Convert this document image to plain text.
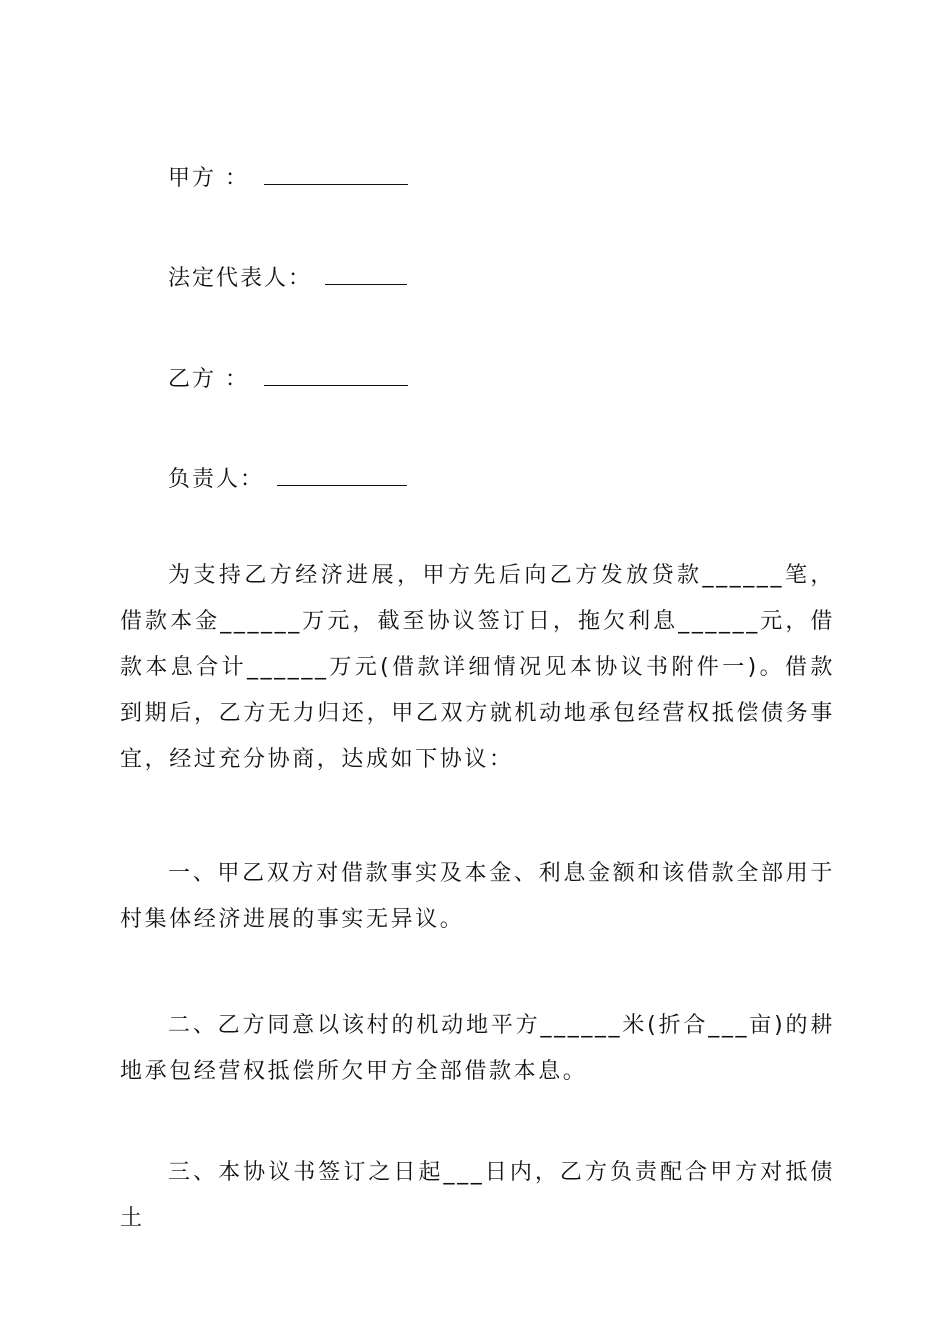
甲方 ：
法定代表人：
乙方 ：
负责人：

为支持乙方经济进展，甲方先后向乙方发放贷款______笔，借款本金______万元，截至协议签订日，拖欠利息______元，借款本息合计______万元(借款详细情况见本协议书附件一)。借款到期后，乙方无力归还，甲乙双方就机动地承包经营权抵偿债务事宜，经过充分协商，达成如下协议：

一、甲乙双方对借款事实及本金、利息金额和该借款全部用于村集体经济进展的事实无异议。

二、乙方同意以该村的机动地平方______米(折合___亩)的耕地承包经营权抵偿所欠甲方全部借款本息。

三、本协议书签订之日起___日内，乙方负责配合甲方对抵债土
